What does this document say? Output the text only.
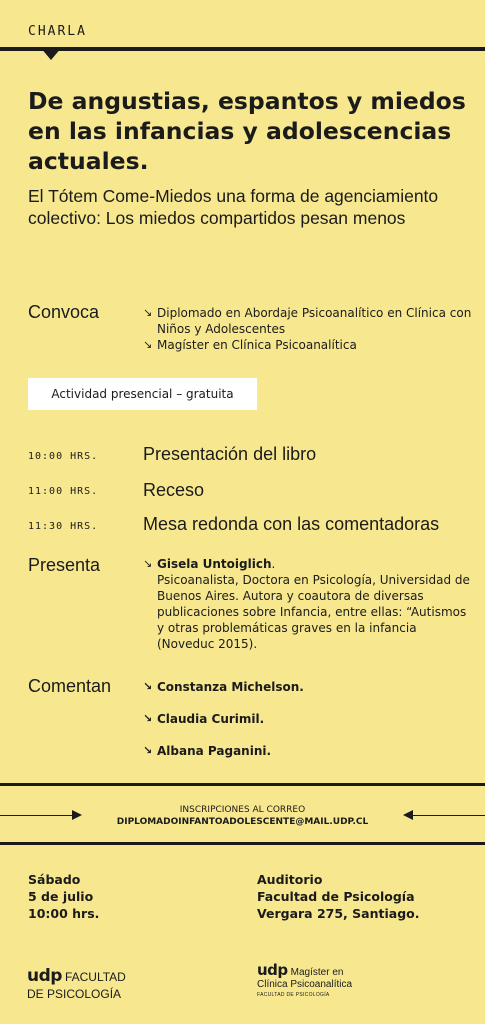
CHARLA
De angustias, espantos y miedos en las infancias y adolescencias actuales.

El Tótem Come-Miedos una forma de agenciamiento colectivo: Los miedos compartidos pesan menos

Convoca	↘ Diplomado en Abordaje Psicoanalítico en Clínica con Niños y Adolescentes
↘ Magíster en Clínica Psicoanalítica
Actividad presencial – gratuita
10:00 HRS. Presentación del libro
11:00 HRS. Receso
11:30 HRS. Mesa redonda con las comentadoras
Presenta	↘ Gisela Untoiglich.
Psicoanalista, Doctora en Psicología, Universidad de Buenos Aires. Autora y coautora de diversas publicaciones sobre Infancia, entre ellas: “Autismos y otras problemáticas graves en la infancia (Noveduc 2015).
Comentan	↘ Constanza Michelson.
↘ Claudia Curimil.
↘ Albana Paganini.
INSCRIPCIONES AL CORREO
DIPLOMADOINFANTOADOLESCENTE@MAIL.UDP.CL
Sábado
5 de julio
10:00 hrs.
Auditorio
Facultad de Psicología
Vergara 275, Santiago.
udp FACULTAD
DE PSICOLOGÍA
udp Magíster en
Clínica Psicoanalítica
FACULTAD DE PSICOLOGÍA
